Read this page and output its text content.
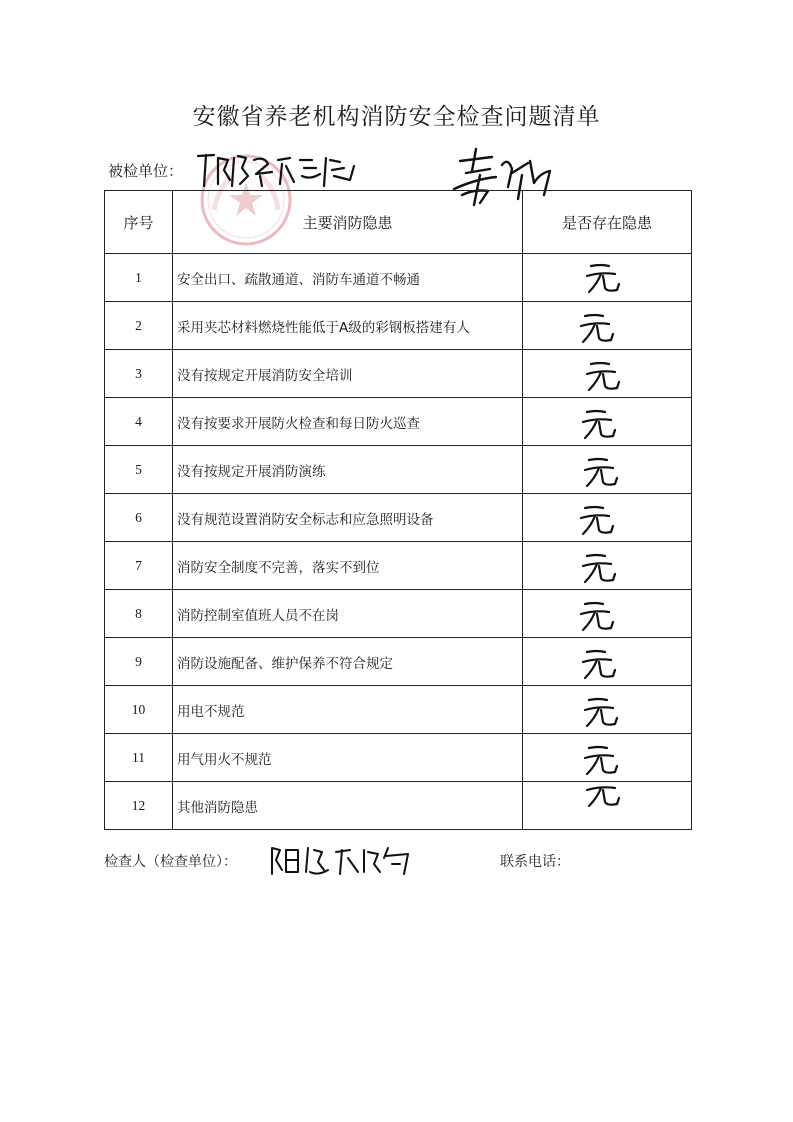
安徽省养老机构消防安全检查问题清单
被检单位：
序号	主要消防隐患	是否存在隐患
1	安全出口、疏散通道、消防车通道不畅通	

2	采用夹芯材料燃烧性能低于A级的彩钢板搭建有人	

3	没有按规定开展消防安全培训	

4	没有按要求开展防火检查和每日防火巡查	

5	没有按规定开展消防演练	

6	没有规范设置消防安全标志和应急照明设备	

7	消防安全制度不完善，落实不到位	

8	消防控制室值班人员不在岗	

9	消防设施配备、维护保养不符合规定	

10	用电不规范	

11	用气用火不规范	

12	其他消防隐患	
检查人（检查单位）：	联系电话：
